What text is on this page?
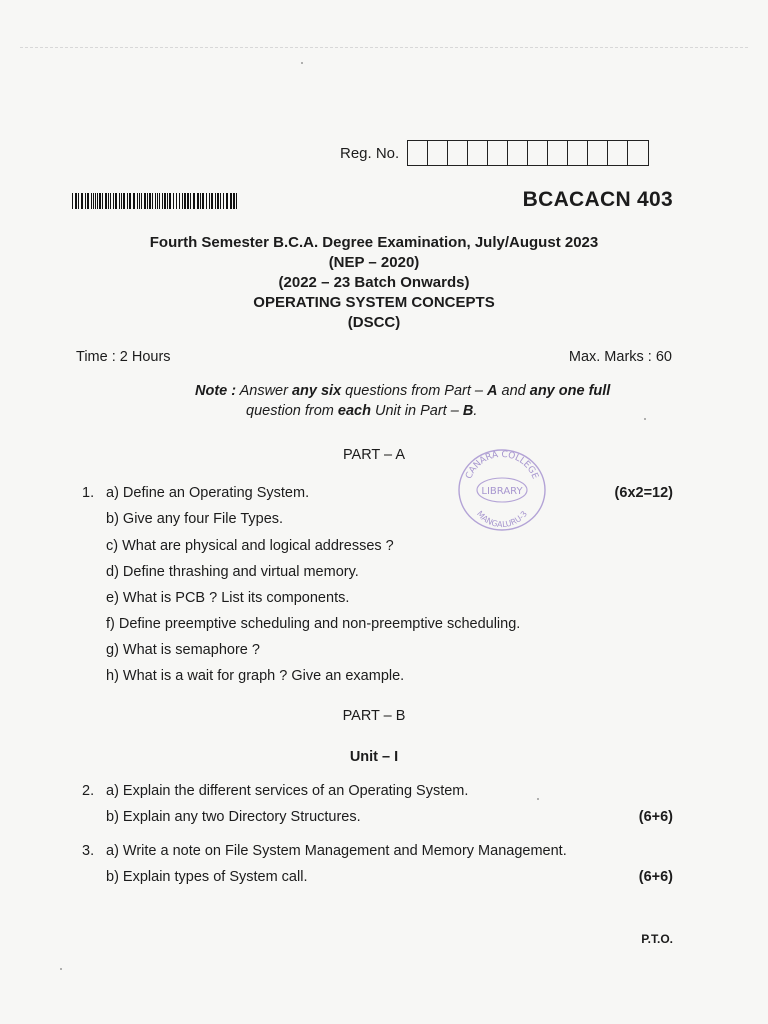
Reg. No.
BCACACN 403
Fourth Semester B.C.A. Degree Examination, July/August 2023
(NEP – 2020)
(2022 – 23 Batch Onwards)
OPERATING SYSTEM CONCEPTS
(DSCC)
Time : 2 Hours	Max. Marks : 60
Note : Answer any six questions from Part – A and any one full
question from each Unit in Part – B.
PART – A
CANARA COLLEGE
LIBRARY
MANGALURU-3
1.	(6x2=12)
a) Define an Operating System.
b) Give any four File Types.
c) What are physical and logical addresses ?
d) Define thrashing and virtual memory.
e) What is PCB ? List its components.
f) Define preemptive scheduling and non-preemptive scheduling.
g) What is semaphore ?
h) What is a wait for graph ? Give an example.
PART – B
Unit – I
2. a) Explain the different services of an Operating System.
b) Explain any two Directory Structures.	(6+6)
3. a) Write a note on File System Management and Memory Management.
b) Explain types of System call.	(6+6)
P.T.O.
